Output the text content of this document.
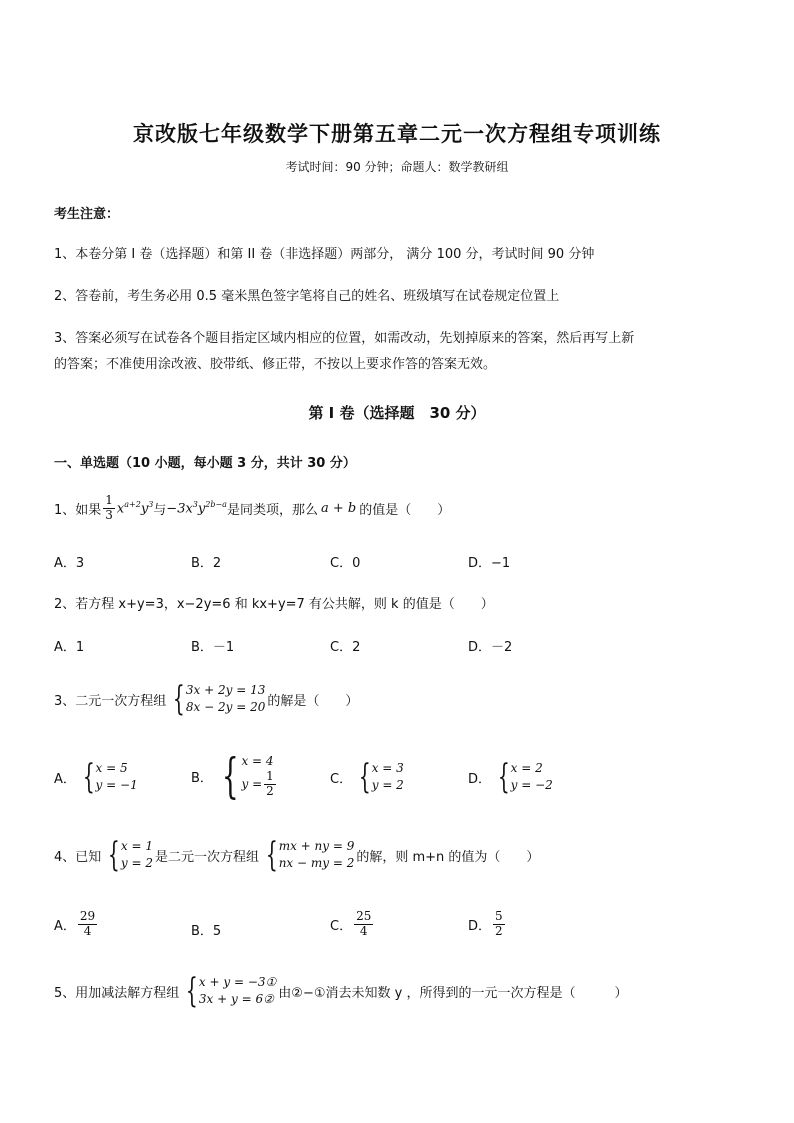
京改版七年级数学下册第五章二元一次方程组专项训练
考试时间：90 分钟；命题人：数学教研组
考生注意：
1、本卷分第 I 卷（选择题）和第 II 卷（非选择题）两部分， 满分 100 分，考试时间 90 分钟
2、答卷前，考生务必用 0.5 毫米黑色签字笔将自己的姓名、班级填写在试卷规定位置上
3、答案必须写在试卷各个题目指定区域内相应的位置，如需改动，先划掉原来的答案，然后再写上新
的答案；不准使用涂改液、胶带纸、修正带，不按以上要求作答的答案无效。
第 I 卷（选择题　30 分）
一、单选题（10 小题，每小题 3 分，共计 30 分）
1、如果 $\frac{1}{3} x^{a+2}y^3$ 与 $-3x^3y^{2b-a}$ 是同类项，那么 a + b 的值是（　　）
A．3	B．2	C．0	D．−1
2、若方程 x+y=3，x−2y=6 和 kx+y=7 有公共解，则 k 的值是（　　）
A．1	B．－1	C．2	D．－2
3、二元一次方程组 { 3x + 2y = 13
8x − 2y = 20 的解是（　　）
A． { x = 5
y = −1	B． { x = 4
$y = \frac{1}{2}$	C． { x = 3
y = 2	D． { x = 2
y = −2
4、已知 { x = 1
y = 2 是二元一次方程组 { mx + ny = 9
nx − my = 2 的解，则 m+n 的值为（　　）
A． $\frac{29}{4}$	B．5	C． $\frac{25}{4}$	D． $\frac{5}{2}$
5、用加减法解方程组 { x + y = −3①
3x + y = 6② 由②−①消去未知数 y ，所得到的一元一次方程是（　　　）
